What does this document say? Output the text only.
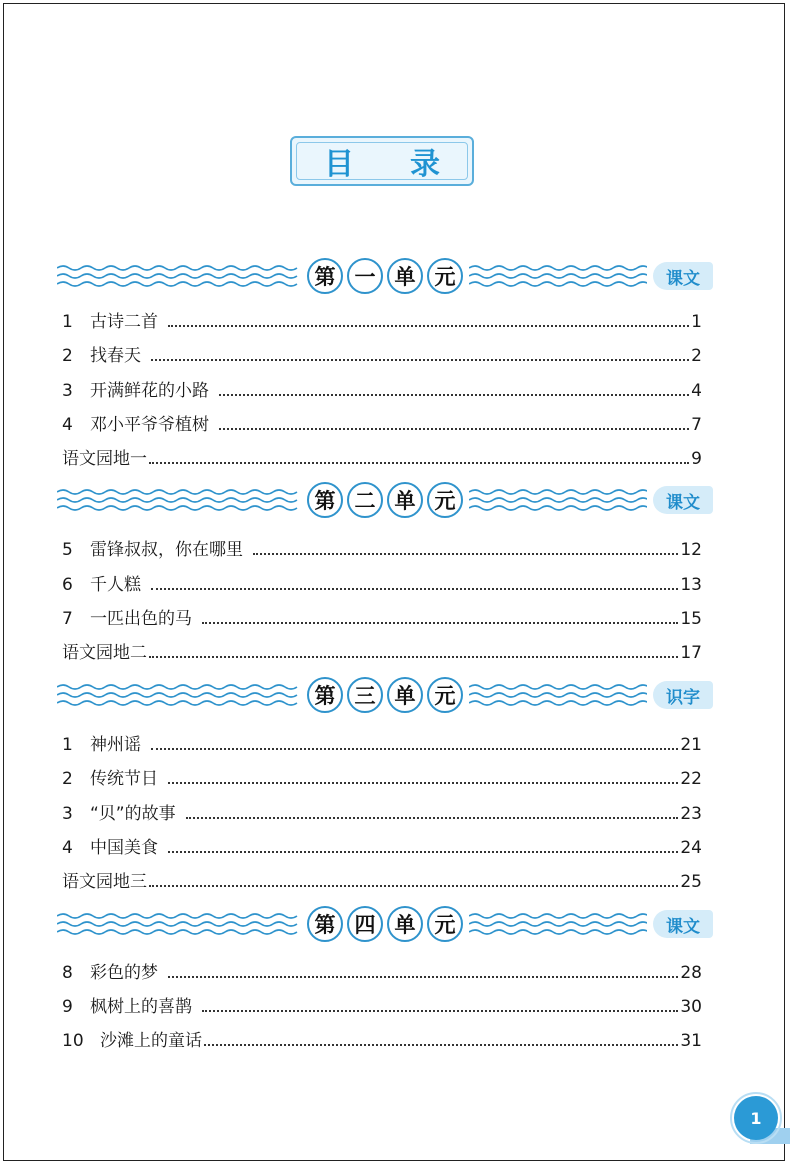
目录
第 一 单 元	课文
1	古诗二首	1
2	找春天	2
3	开满鲜花的小路	4
4	邓小平爷爷植树	7
语文园地一	9
第 二 单 元	课文
5	雷锋叔叔，你在哪里	12
6	千人糕	13
7	一匹出色的马	15
语文园地二	17
第 三 单 元	识字
1	神州谣	21
2	传统节日	22
3	“贝”的故事	23
4	中国美食	24
语文园地三	25
第 四 单 元	课文
8	彩色的梦	28
9	枫树上的喜鹊	30
10 沙滩上的童话	31
1
